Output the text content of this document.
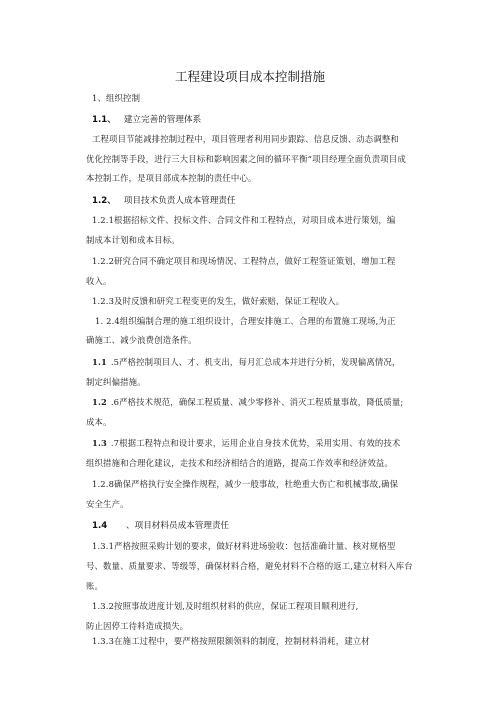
工程建设项目成本控制措施
1、组织控制
1.1、 建立完善的管理体系
工程项目节能减排控制过程中，项目管理者利用同步跟踪、信息反馈、动态调整和
优化控制等手段，进行三大目标和影响因素之间的循环平衡“项目经理全面负责项目成
本控制工作，是项目部成本控制的责任中心。
1.2、 项目技术负责人成本管理责任
1.2.1根据招标文件、投标文件、合同文件和工程特点，对项目成本进行策划，编
制成本计划和成本目标。
1.2.2研究合同不确定项目和现场情况、工程特点，做好工程签证策划，增加工程
收入。
1.2.3及时反馈和研究工程变更的发生，做好索赔，保证工程收入。
1. 2.4组织编制合理的施工组织设计，合理安排施工、合理的布置施工现场,为正
确施工、减少浪费创造条件。
1.1 .5严格控制项目人、才、机支出，每月汇总成本并进行分析，发现偏离情况，
制定纠偏措施。
1.2 .6严格技术规范，确保工程质量、减少零修补、消灭工程质量事故，降低质量;
成本。
1.3 .7根据工程特点和设计要求，运用企业自身技术优势，采用实用、有效的技术
组织措施和合理化建议，走技术和经济相结合的道路，提高工作效率和经济效益。
1.2.8确保严格执行安全操作规程，减少一般事故，杜绝重大伤亡和机械事故,确保
安全生产。
1.4 、项目材料员成本管理责任
1.3.1严格按照采购计划的要求，做好材料进场验收：包括准确计量、核对规格型
号、数量、质量要求、等级等，确保材料合格，避免材料不合格的返工,建立材料入库台
账。
1.3.2按照事故进度计划,及时组织材料的供应，保证工程项目顺利进行,
防止因停工待料造成损失。
1.3.3在施工过程中，要严格按照限额领料的制度，控制材料消耗，建立材
